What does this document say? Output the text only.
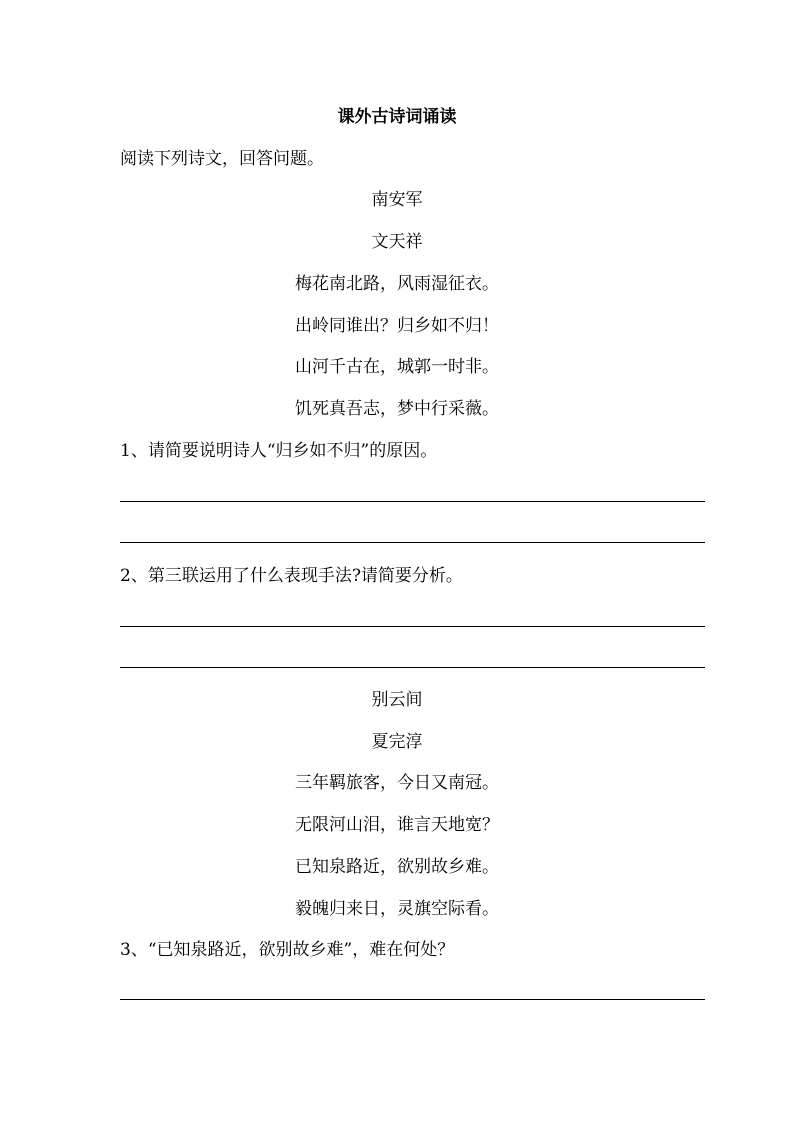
课外古诗词诵读
阅读下列诗文，回答问题。
南安军
文天祥
梅花南北路，风雨湿征衣。
出岭同谁出？归乡如不归！
山河千古在，城郭一时非。
饥死真吾志，梦中行采薇。
1、请简要说明诗人“归乡如不归”的原因。
2、第三联运用了什么表现手法?请简要分析。
别云间
夏完淳
三年羁旅客，今日又南冠。
无限河山泪，谁言天地宽？
已知泉路近，欲别故乡难。
毅魄归来日，灵旗空际看。
3、“已知泉路近，欲别故乡难”，难在何处？
